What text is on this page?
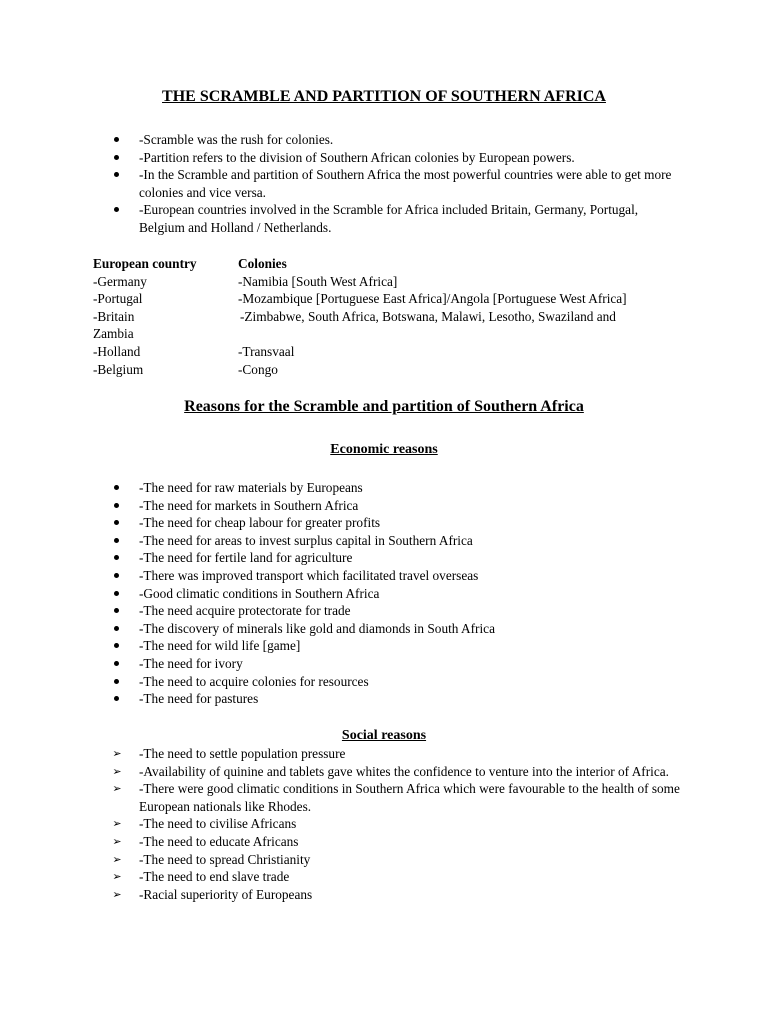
THE SCRAMBLE AND PARTITION OF SOUTHERN AFRICA
-Scramble was the rush for colonies.
-Partition refers to the division of Southern African colonies by European powers.
-In the Scramble and partition of Southern Africa the most powerful countries were able to get more colonies and vice versa.
-European countries involved in the Scramble for Africa included Britain, Germany, Portugal, Belgium and Holland / Netherlands.
European country	Colonies
-Germany	-Namibia [South West Africa]
-Portugal	-Mozambique [Portuguese East Africa]/Angola [Portuguese West Africa]
-Britain	-Zimbabwe, South Africa, Botswana, Malawi, Lesotho, Swaziland and
Zambia
-Holland	-Transvaal
-Belgium	-Congo
Reasons for the Scramble and partition of Southern Africa
Economic reasons
-The need for raw materials by Europeans
-The need for markets in Southern Africa
-The need for cheap labour for greater profits
-The need for areas to invest surplus capital in Southern Africa
-The need for fertile land for agriculture
-There was improved transport which facilitated travel overseas
-Good climatic conditions in Southern Africa
-The need acquire protectorate for trade
-The discovery of minerals like gold and diamonds in South Africa
-The need for wild life [game]
-The need for ivory
-The need to acquire colonies for resources
-The need for pastures
Social reasons
➢ -The need to settle population pressure
➢ -Availability of quinine and tablets gave whites the confidence to venture into the interior of Africa.
➢ -There were good climatic conditions in Southern Africa which were favourable to the health of some European nationals like Rhodes.
➢ -The need to civilise Africans
➢ -The need to educate Africans
➢ -The need to spread Christianity
➢ -The need to end slave trade
➢ -Racial superiority of Europeans
